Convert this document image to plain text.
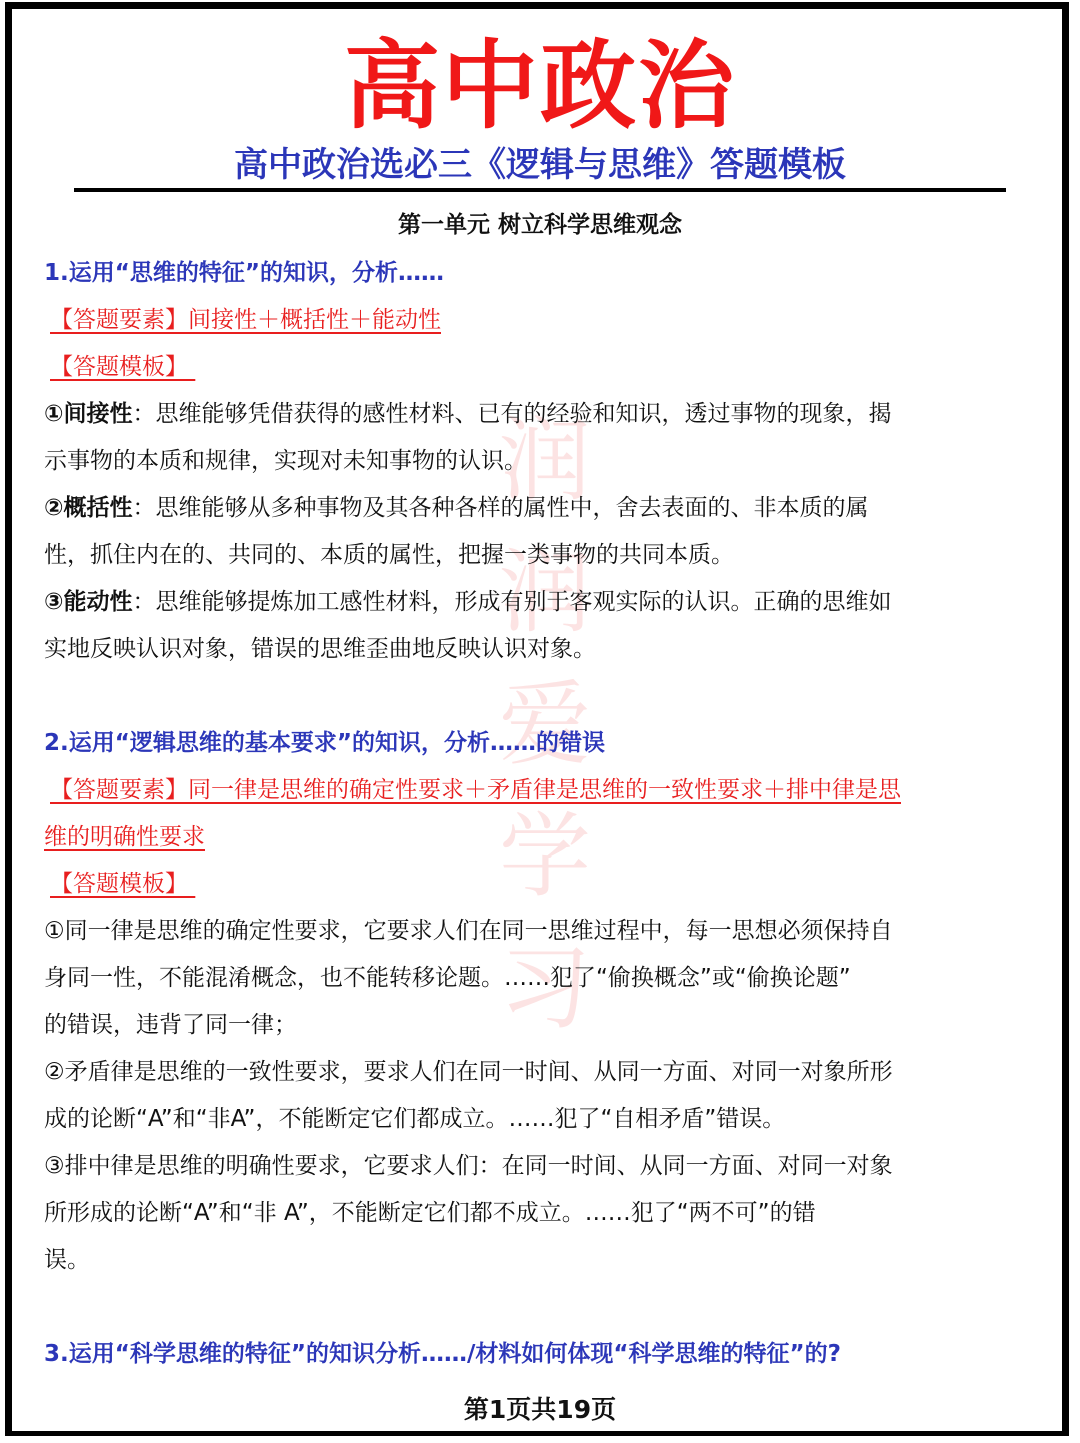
高中政治
高中政治选必三《逻辑与思维》答题模板
第一单元 树立科学思维观念
1.运用“思维的特征”的知识，分析……
【答题要素】间接性＋概括性＋能动性
【答题模板】
①间接性：思维能够凭借获得的感性材料、已有的经验和知识，透过事物的现象，揭
示事物的本质和规律，实现对未知事物的认识。
②概括性：思维能够从多种事物及其各种各样的属性中，舍去表面的、非本质的属
性，抓住内在的、共同的、本质的属性，把握一类事物的共同本质。
③能动性：思维能够提炼加工感性材料，形成有别于客观实际的认识。正确的思维如
实地反映认识对象，错误的思维歪曲地反映认识对象。
2.运用“逻辑思维的基本要求”的知识，分析……的错误
【答题要素】同一律是思维的确定性要求＋矛盾律是思维的一致性要求＋排中律是思
维的明确性要求
【答题模板】
①同一律是思维的确定性要求，它要求人们在同一思维过程中，每一思想必须保持自
身同一性，不能混淆概念，也不能转移论题。……犯了“偷换概念”或“偷换论题”
的错误，违背了同一律；
②矛盾律是思维的一致性要求，要求人们在同一时间、从同一方面、对同一对象所形
成的论断“A”和“非A”，不能断定它们都成立。……犯了“自相矛盾”错误。
③排中律是思维的明确性要求，它要求人们：在同一时间、从同一方面、对同一对象
所形成的论断“A”和“非 A”，不能断定它们都不成立。……犯了“两不可”的错
误。
3.运用“科学思维的特征”的知识分析……/材料如何体现“科学思维的特征”的?
第1页共19页
